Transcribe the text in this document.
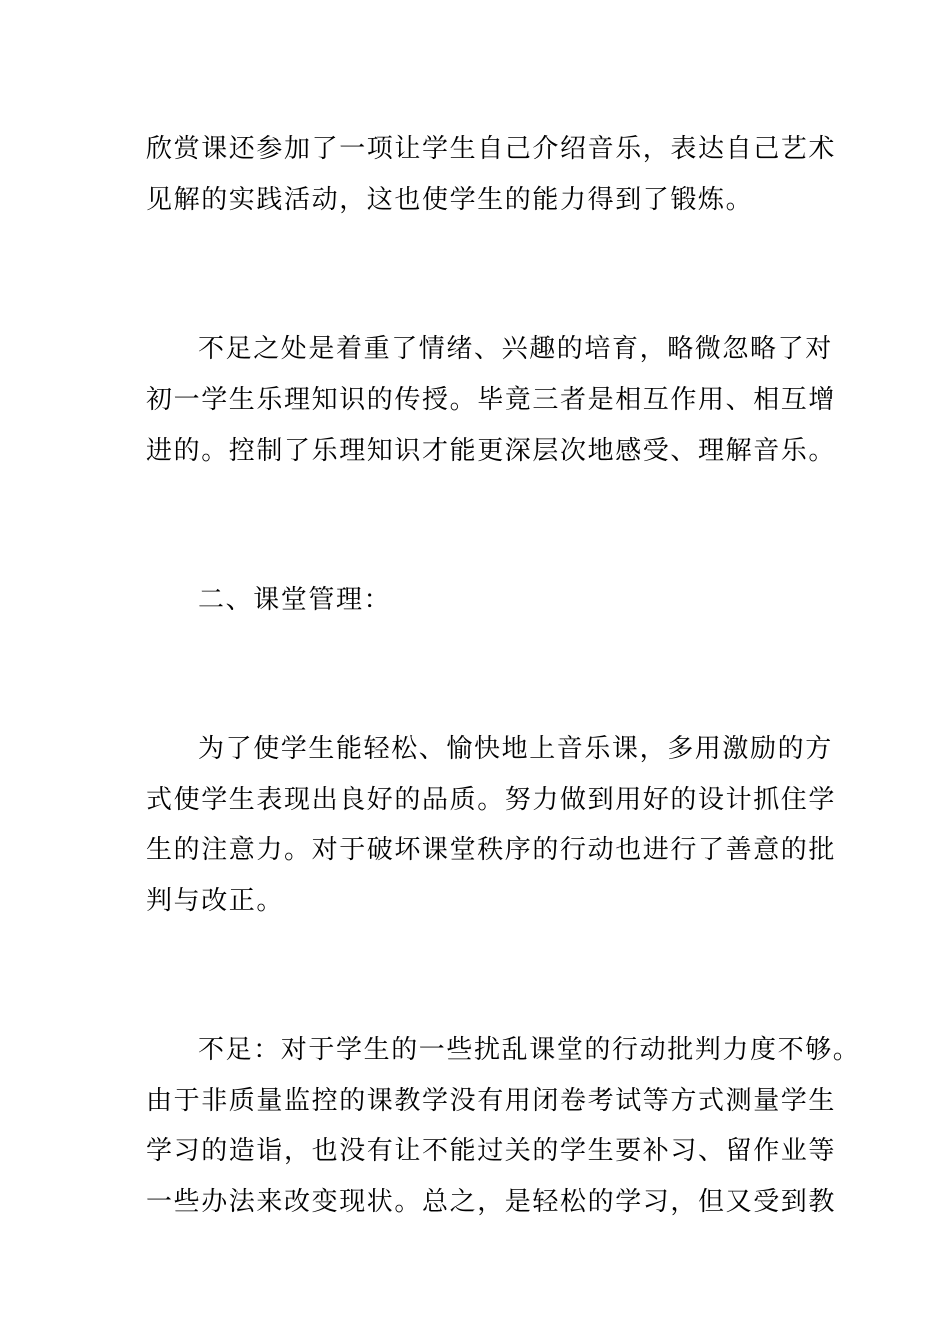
欣赏课还参加了一项让学生自己介绍音乐，表达自己艺术
见解的实践活动，这也使学生的能力得到了锻炼。
不足之处是着重了情绪、兴趣的培育，略微忽略了对
初一学生乐理知识的传授。毕竟三者是相互作用、相互增
进的。控制了乐理知识才能更深层次地感受、理解音乐。
二、课堂管理：
为了使学生能轻松、愉快地上音乐课，多用激励的方
式使学生表现出良好的品质。努力做到用好的设计抓住学
生的注意力。对于破坏课堂秩序的行动也进行了善意的批
判与改正。
不足：对于学生的一些扰乱课堂的行动批判力度不够。
由于非质量监控的课教学没有用闭卷考试等方式测量学生
学习的造诣，也没有让不能过关的学生要补习、留作业等
一些办法来改变现状。总之，是轻松的学习，但又受到教
